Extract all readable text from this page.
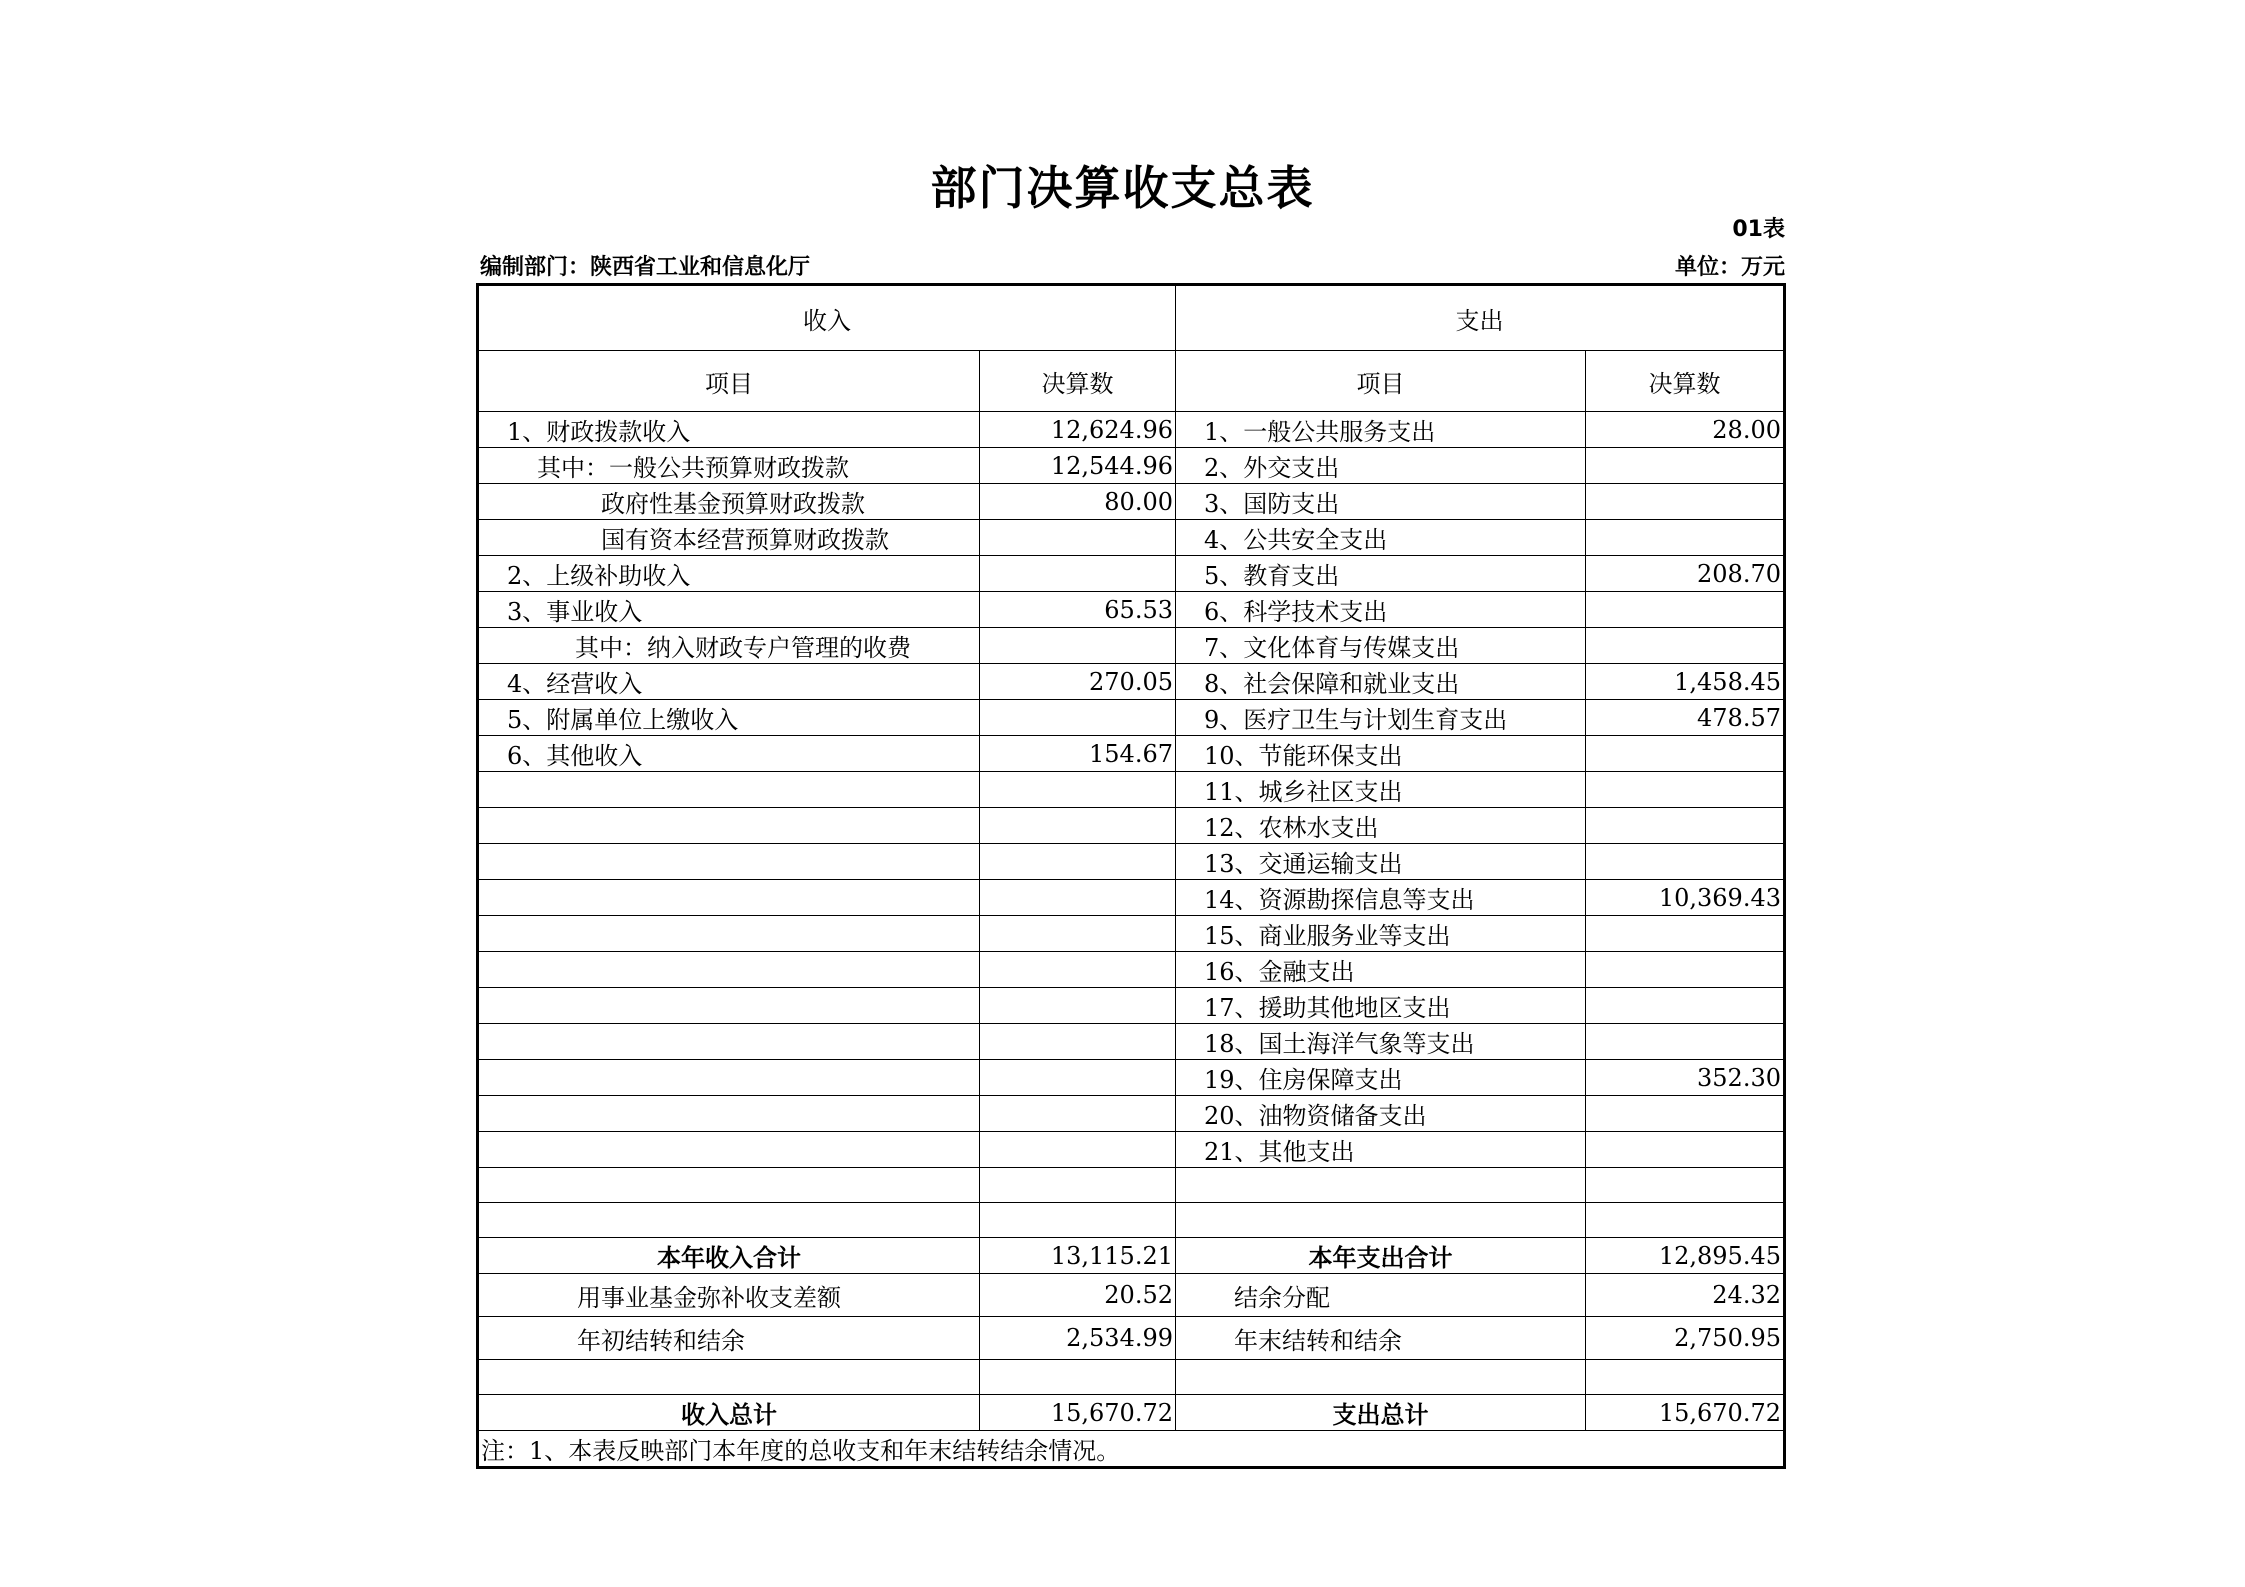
部门决算收支总表
01表
编制部门：陕西省工业和信息化厅	单位：万元
收入		支出	
项目	决算数	项目	决算数
1、财政拨款收入	12,624.96	1、一般公共服务支出	28.00
其中：一般公共预算财政拨款	12,544.96	2、外交支出	
政府性基金预算财政拨款	80.00	3、国防支出	
国有资本经营预算财政拨款		4、公共安全支出	
2、上级补助收入		5、教育支出	208.70
3、事业收入	65.53	6、科学技术支出	
其中：纳入财政专户管理的收费		7、文化体育与传媒支出	
4、经营收入	270.05	8、社会保障和就业支出	1,458.45
5、附属单位上缴收入		9、医疗卫生与计划生育支出	478.57
6、其他收入	154.67	10、节能环保支出	
		11、城乡社区支出	
		12、农林水支出	
		13、交通运输支出	
		14、资源勘探信息等支出	10,369.43
		15、商业服务业等支出	
		16、金融支出	
		17、援助其他地区支出	
		18、国土海洋气象等支出	
		19、住房保障支出	352.30
		20、油物资储备支出	
		21、其他支出	

本年收入合计	13,115.21	本年支出合计	12,895.45
用事业基金弥补收支差额	20.52	结余分配	24.32
年初结转和结余	2,534.99	年末结转和结余	2,750.95

收入总计	15,670.72	支出总计	15,670.72
注：1、本表反映部门本年度的总收支和年末结转结余情况。			
